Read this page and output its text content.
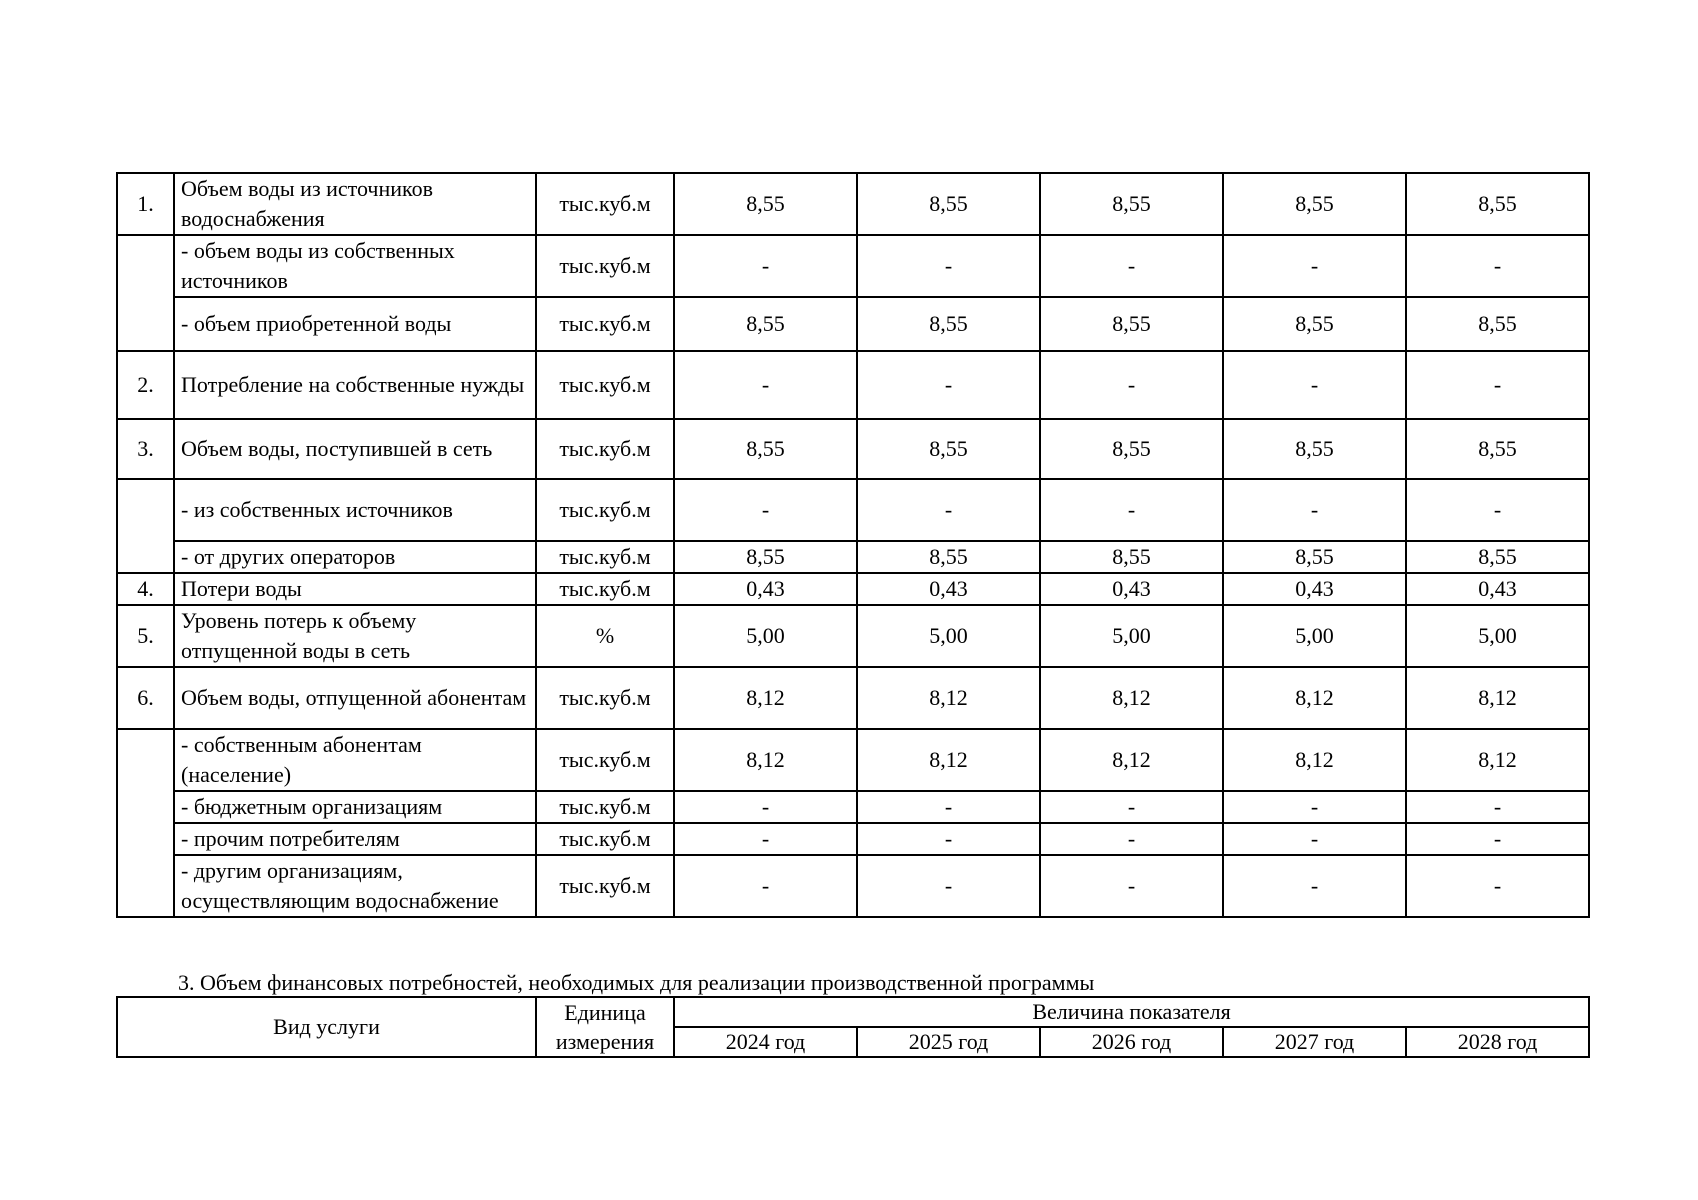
1.	Объем воды из источников водоснабжения	тыс.куб.м	8,55	8,55	8,55	8,55	8,55
	- объем воды из собственных источников	тыс.куб.м	-	-	-	-	-
	- объем приобретенной воды	тыс.куб.м	8,55	8,55	8,55	8,55	8,55
2.	Потребление на собственные нужды	тыс.куб.м	-	-	-	-	-
3.	Объем воды, поступившей в сеть	тыс.куб.м	8,55	8,55	8,55	8,55	8,55
	- из собственных источников	тыс.куб.м	-	-	-	-	-
	- от других операторов	тыс.куб.м	8,55	8,55	8,55	8,55	8,55
4.	Потери воды	тыс.куб.м	0,43	0,43	0,43	0,43	0,43
5.	Уровень потерь к объему отпущенной воды в сеть	%	5,00	5,00	5,00	5,00	5,00
6.	Объем воды, отпущенной абонентам	тыс.куб.м	8,12	8,12	8,12	8,12	8,12
	- собственным абонентам (население)	тыс.куб.м	8,12	8,12	8,12	8,12	8,12
	- бюджетным организациям	тыс.куб.м	-	-	-	-	-
	- прочим потребителям	тыс.куб.м	-	-	-	-	-
	- другим организациям, осуществляющим водоснабжение	тыс.куб.м	-	-	-	-	-
3. Объем финансовых потребностей, необходимых для реализации производственной программы
Вид услуги	Единица	Величина показателя				
	измерения	2024 год	2025 год	2026 год	2027 год	2028 год
